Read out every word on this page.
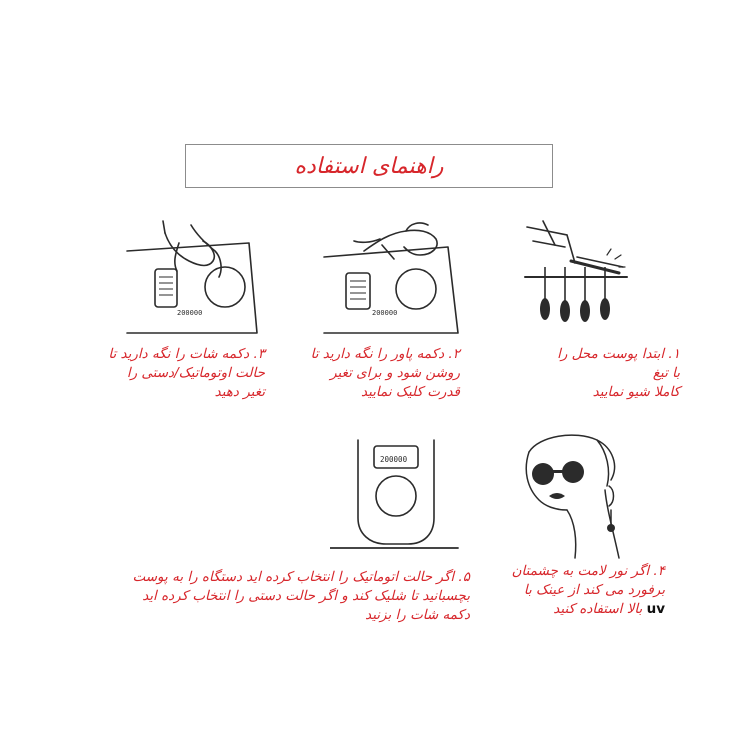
راهنمای استفاده
200000
200000
200000
۱. ابتدا پوست محل را با تیغ
کاملا شیو نمایید
۲. دکمه پاور را نگه دارید تا
روشن شود و برای تغیر
قدرت کلیک نمایید
۳. دکمه شات را نگه دارید تا
حالت اوتوماتیک/دستی را
تغیر دهید
۴. اگر نور لامت به چشمتان
برفورد می کند از عینک با
uv بالا استفاده کنید
۵. اگر حالت اتوماتیک را انتخاب کرده اید دستگاه را به پوست
بچسبانید تا شلیک کند و اگر حالت دستی را انتخاب کرده اید
دکمه شات را بزنید
